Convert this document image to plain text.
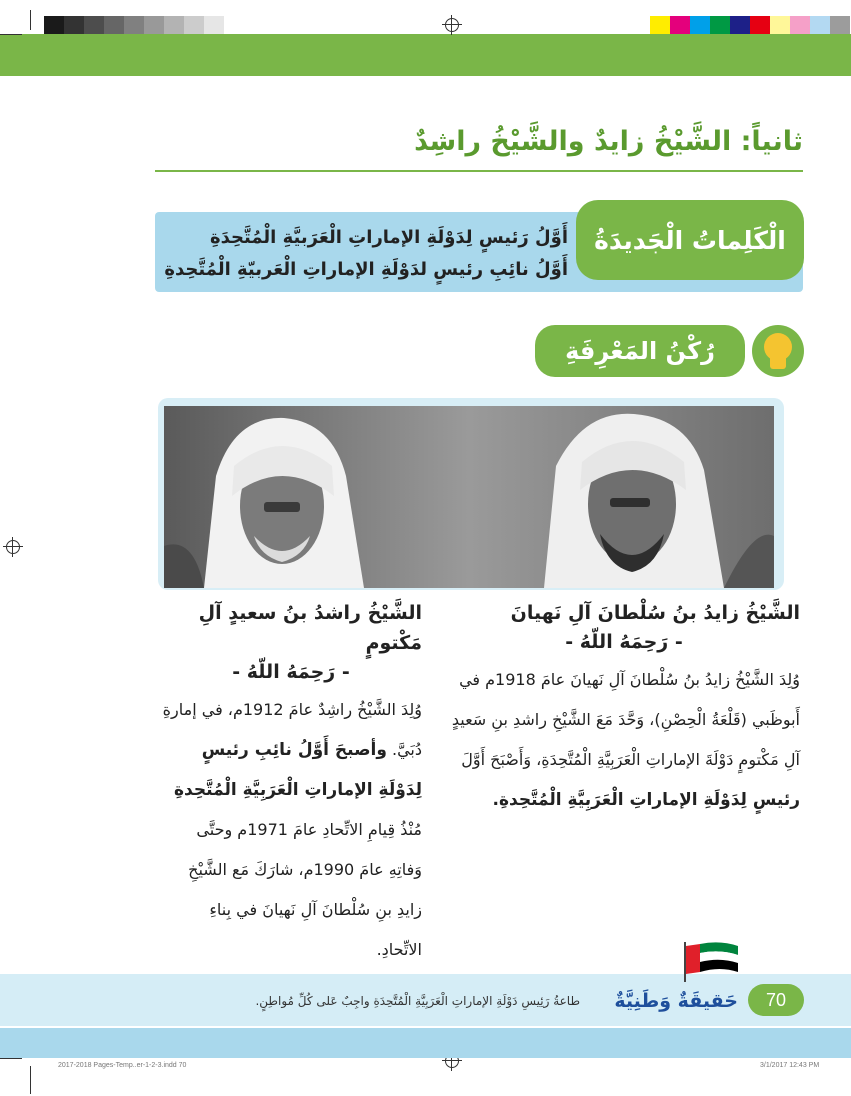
ثانياً: الشَّيْخُ زايدٌ والشَّيْخُ راشِدٌ
أَوَّلُ رَئيسٍ لِدَوْلَةِ الإماراتِ الْعَرَبيَّةِ الْمُتَّحِدَةِ
أَوَّلُ نائِبِ رئيسٍ لدَوْلَةِ الإماراتِ الْعَربيّةِ الْمُتَّحِدةِ
الْكَلِماتُ الْجَديدَةُ
رُكْنُ المَعْرِفَةِ
الشَّيْخُ زايدُ بنُ سُلْطانَ آلِ نَهيانَ
- رَحِمَهُ اللّهُ -
وُلِدَ الشَّيْخُ زايدُ بنُ سُلْطانَ آلِ نَهيانَ عامَ 1918م في أَبوظَبي (قَلْعَةُ الْحِصْنِ)، وَحَّدَ مَعَ الشَّيْخِ راشدِ بنِ سَعيدٍ آلِ مَكْتومٍ دَوْلَةَ الإماراتِ الْعَرَبِيَّةِ الْمُتَّحِدَةِ، وَأَصْبَحَ أَوَّلَ رئيسٍ لِدَوْلَةِ الإماراتِ الْعَرَبِيَّةِ الْمُتَّحِدةِ.
الشَّيْخُ راشدُ بنُ سعيدٍ آلِ مَكْتومٍ
- رَحِمَهُ اللّهُ -
وُلِدَ الشَّيْخُ راشِدٌ عامَ 1912م، في إمارةِ دُبَيَّ. وأصبحَ أَوَّلُ نائِبِ رئيسٍ لِدَوْلَةِ الإماراتِ الْعَرَبِيَّةِ الْمُتَّحِدةِ مُنْذُ قِيامِ الاتِّحادِ عامَ 1971م وحتَّى وَفاتِهِ عامَ 1990م، شارَكَ مَع الشَّيْخِ زايدِ بنِ سُلْطانَ آلِ نَهيانَ في بِناءِ الاتِّحادِ.
70
حَقيقَةٌ وَطَنِيَّةٌ
طاعةُ رَئِيسِ دَوْلَةِ الإماراتِ الْعَرَبِيَّةِ الْمُتَّحِدَةِ واجِبٌ عَلى كُلِّ مُواطِنٍ.
2017-2018 Pages-Temp..er-1-2-3.indd 70	3/1/2017 12:43 PM
